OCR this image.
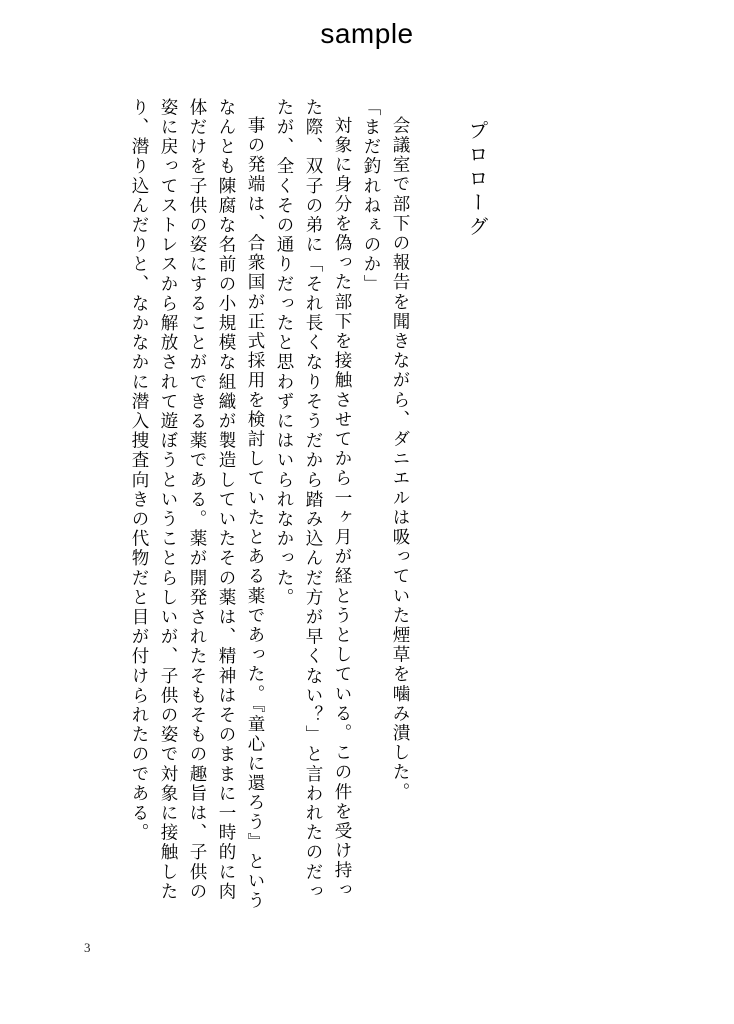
sample
プロローグ

会議室で部下の報告を聞きながら、ダニエルは吸っていた煙草を噛み潰した。

「まだ釣れねぇのか」

対象に身分を偽った部下を接触させてから一ヶ月が経とうとしている。この件を受け持った際、双子の弟に「それ長くなりそうだから踏み込んだ方が早くない？」と言われたのだったが、全くその通りだったと思わずにはいられなかった。

事の発端は、合衆国が正式採用を検討していたとある薬であった。『童心に還ろう』というなんとも陳腐な名前の小規模な組織が製造していたその薬は、精神はそのままに一時的に肉体だけを子供の姿にすることができる薬である。薬が開発されたそもそもの趣旨は、子供の姿に戻ってストレスから解放されて遊ぼうということらしいが、子供の姿で対象に接触したり、潜り込んだりと、なかなかに潜入捜査向きの代物だと目が付けられたのである。

3
